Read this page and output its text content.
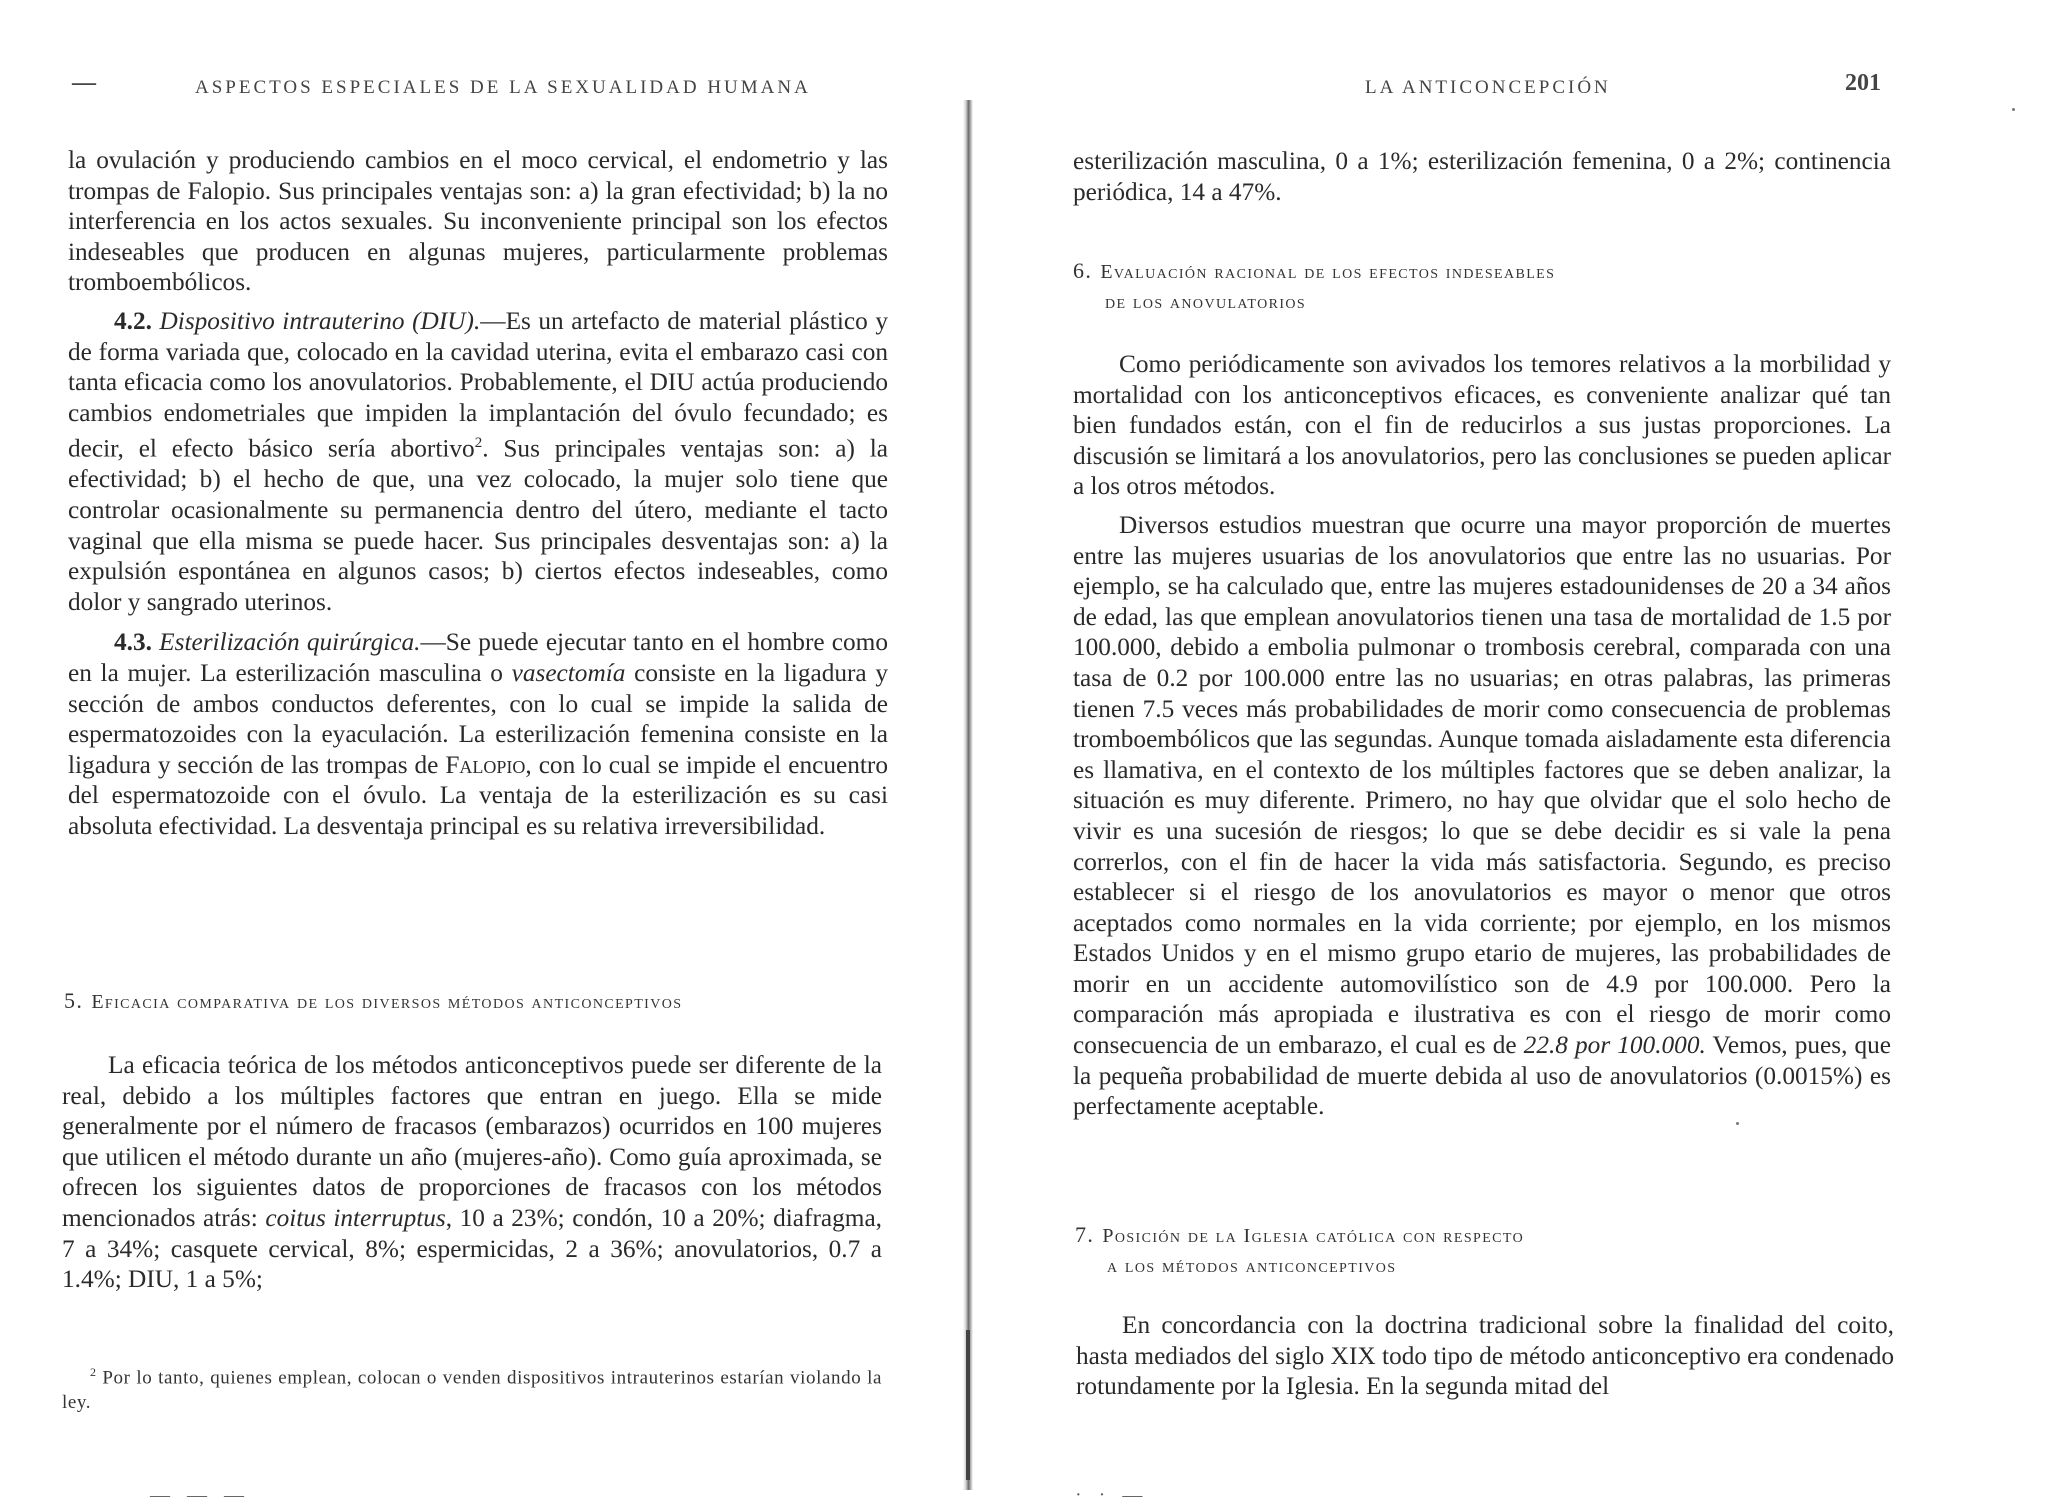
ASPECTOS ESPECIALES DE LA SEXUALIDAD HUMANA
—

la ovulación y produciendo cambios en el moco cervical, el endometrio y las trompas de Falopio. Sus principales ventajas son: a) la gran efectividad; b) la no interferencia en los actos sexuales. Su inconveniente principal son los efectos indeseables que producen en algunas mujeres, particularmente problemas tromboembólicos.

4.2. Dispositivo intrauterino (DIU).—Es un artefacto de material plástico y de forma variada que, colocado en la cavidad uterina, evita el embarazo casi con tanta eficacia como los anovulatorios. Probablemente, el DIU actúa produciendo cambios endometriales que impiden la implantación del óvulo fecundado; es decir, el efecto básico sería abortivo$^2$. Sus principales ventajas son: a) la efectividad; b) el hecho de que, una vez colocado, la mujer solo tiene que controlar ocasionalmente su permanencia dentro del útero, mediante el tacto vaginal que ella misma se puede hacer. Sus principales desventajas son: a) la expulsión espontánea en algunos casos; b) ciertos efectos indeseables, como dolor y sangrado uterinos.

4.3. Esterilización quirúrgica.—Se puede ejecutar tanto en el hombre como en la mujer. La esterilización masculina o vasectomía consiste en la ligadura y sección de ambos conductos deferentes, con lo cual se impide la salida de espermatozoides con la eyaculación. La esterilización femenina consiste en la ligadura y sección de las trompas de Falopio, con lo cual se impide el encuentro del espermatozoide con el óvulo. La ventaja de la esterilización es su casi absoluta efectividad. La desventaja principal es su relativa irreversibilidad.

5. Eficacia comparativa de los diversos métodos anticonceptivos

La eficacia teórica de los métodos anticonceptivos puede ser diferente de la real, debido a los múltiples factores que entran en juego. Ella se mide generalmente por el número de fracasos (embarazos) ocurridos en 100 mujeres que utilicen el método durante un año (mujeres-año). Como guía aproximada, se ofrecen los siguientes datos de proporciones de fracasos con los métodos mencionados atrás: coitus interruptus, 10 a 23%; condón, 10 a 20%; diafragma, 7 a 34%; casquete cervical, 8%; espermicidas, 2 a 36%; anovulatorios, 0.7 a 1.4%; DIU, 1 a 5%;

$^2$ Por lo tanto, quienes emplean, colocan o venden dispositivos intrauterinos estarían violando la ley.
— — —
LA ANTICONCEPCIÓN	201

esterilización masculina, 0 a 1%; esterilización femenina, 0 a 2%; continencia periódica, 14 a 47%.

6. Evaluación racional de los efectos indeseables
de los anovulatorios

Como periódicamente son avivados los temores relativos a la morbilidad y mortalidad con los anticonceptivos eficaces, es conveniente analizar qué tan bien fundados están, con el fin de reducirlos a sus justas proporciones. La discusión se limitará a los anovulatorios, pero las conclusiones se pueden aplicar a los otros métodos.

Diversos estudios muestran que ocurre una mayor proporción de muertes entre las mujeres usuarias de los anovulatorios que entre las no usuarias. Por ejemplo, se ha calculado que, entre las mujeres estadounidenses de 20 a 34 años de edad, las que emplean anovulatorios tienen una tasa de mortalidad de 1.5 por 100.000, debido a embolia pulmonar o trombosis cerebral, comparada con una tasa de 0.2 por 100.000 entre las no usuarias; en otras palabras, las primeras tienen 7.5 veces más probabilidades de morir como consecuencia de problemas tromboembólicos que las segundas. Aunque tomada aisladamente esta diferencia es llamativa, en el contexto de los múltiples factores que se deben analizar, la situación es muy diferente. Primero, no hay que olvidar que el solo hecho de vivir es una sucesión de riesgos; lo que se debe decidir es si vale la pena correrlos, con el fin de hacer la vida más satisfactoria. Segundo, es preciso establecer si el riesgo de los anovulatorios es mayor o menor que otros aceptados como normales en la vida corriente; por ejemplo, en los mismos Estados Unidos y en el mismo grupo etario de mujeres, las probabilidades de morir en un accidente automovilístico son de 4.9 por 100.000. Pero la comparación más apropiada e ilustrativa es con el riesgo de morir como consecuencia de un embarazo, el cual es de 22.8 por 100.000. Vemos, pues, que la pequeña probabilidad de muerte debida al uso de anovulatorios (0.0015%) es perfectamente aceptable.

7. Posición de la Iglesia católica con respecto
a los métodos anticonceptivos

En concordancia con la doctrina tradicional sobre la finalidad del coito, hasta mediados del siglo XIX todo tipo de método anticonceptivo era condenado rotundamente por la Iglesia. En la segunda mitad del

· · —
